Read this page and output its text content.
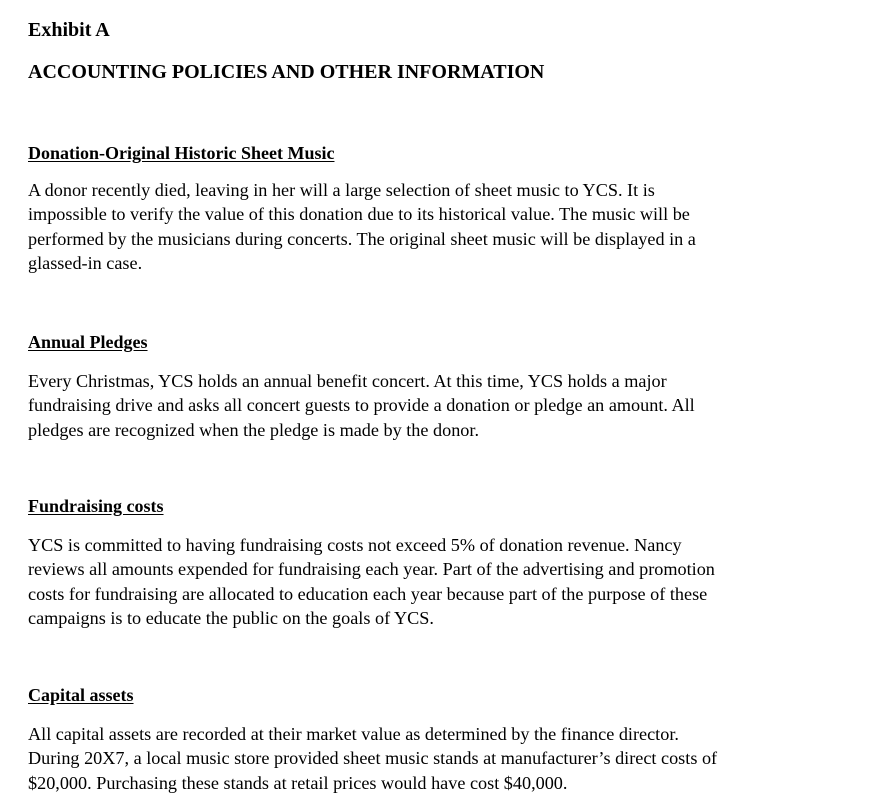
Exhibit A
ACCOUNTING POLICIES AND OTHER INFORMATION
Donation-Original Historic Sheet Music

A donor recently died, leaving in her will a large selection of sheet music to YCS. It is
impossible to verify the value of this donation due to its historical value. The music will be
performed by the musicians during concerts. The original sheet music will be displayed in a
glassed-in case.

Annual Pledges

Every Christmas, YCS holds an annual benefit concert. At this time, YCS holds a major
fundraising drive and asks all concert guests to provide a donation or pledge an amount. All
pledges are recognized when the pledge is made by the donor.

Fundraising costs

YCS is committed to having fundraising costs not exceed 5% of donation revenue. Nancy
reviews all amounts expended for fundraising each year. Part of the advertising and promotion
costs for fundraising are allocated to education each year because part of the purpose of these
campaigns is to educate the public on the goals of YCS.

Capital assets

All capital assets are recorded at their market value as determined by the finance director.
During 20X7, a local music store provided sheet music stands at manufacturer’s direct costs of
$20,000. Purchasing these stands at retail prices would have cost $40,000.
